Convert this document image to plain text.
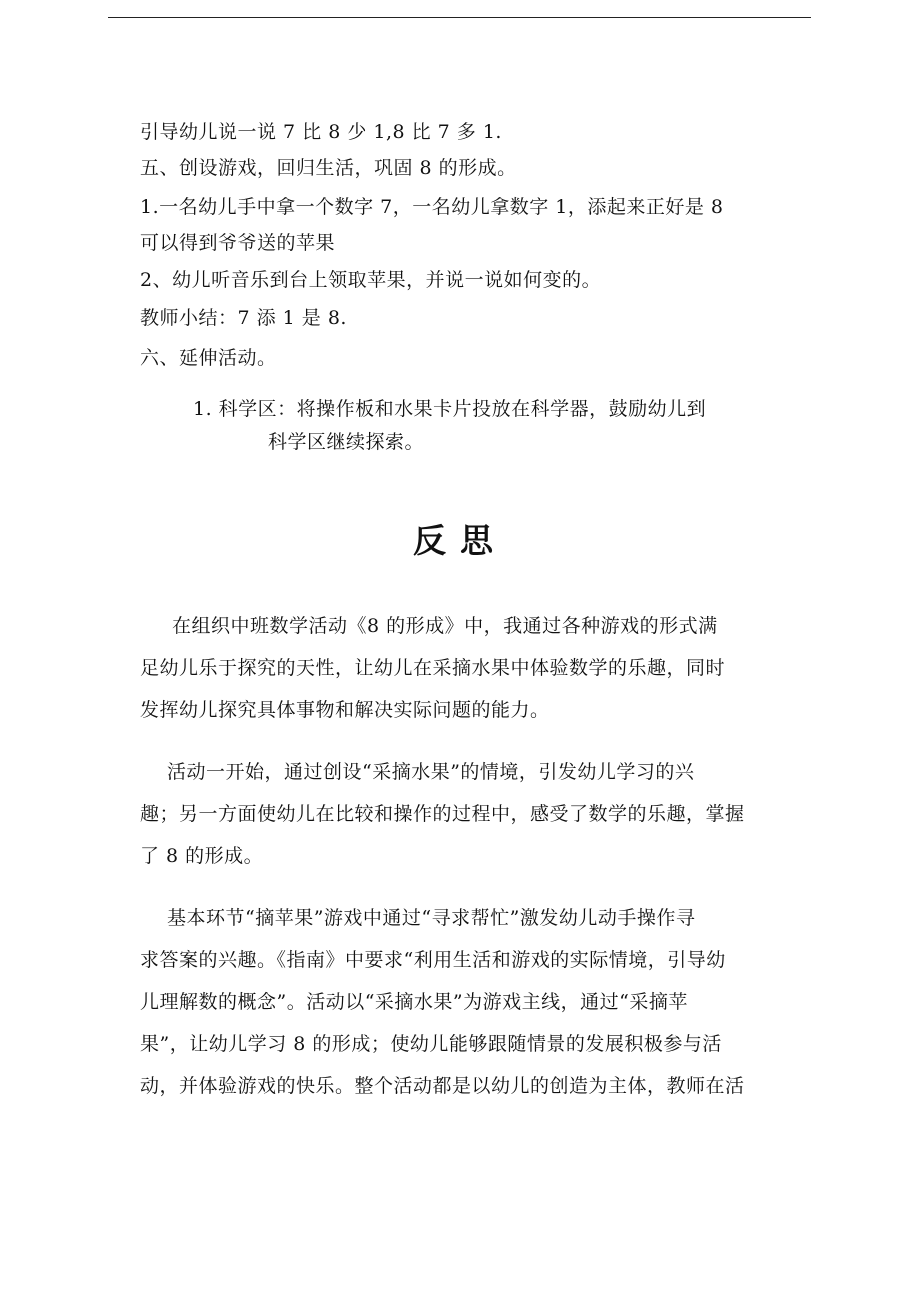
引导幼儿说一说 7 比 8 少 1,8 比 7 多 1.
五、创设游戏，回归生活，巩固 8 的形成。
1.一名幼儿手中拿一个数字 7，一名幼儿拿数字 1，添起来正好是 8
可以得到爷爷送的苹果
2、幼儿听音乐到台上领取苹果，并说一说如何变的。
教师小结：7 添 1 是 8.
六、延伸活动。
1. 科学区：将操作板和水果卡片投放在科学器，鼓励幼儿到
科学区继续探索。
反思
在组织中班数学活动《8 的形成》中，我通过各种游戏的形式满
足幼儿乐于探究的天性，让幼儿在采摘水果中体验数学的乐趣，同时
发挥幼儿探究具体事物和解决实际问题的能力。
活动一开始，通过创设“采摘水果”的情境，引发幼儿学习的兴
趣；另一方面使幼儿在比较和操作的过程中，感受了数学的乐趣，掌握
了 8 的形成。
基本环节“摘苹果”游戏中通过“寻求帮忙”激发幼儿动手操作寻
求答案的兴趣。《指南》中要求“利用生活和游戏的实际情境，引导幼
儿理解数的概念”。活动以“采摘水果”为游戏主线，通过“采摘苹
果”，让幼儿学习 8 的形成；使幼儿能够跟随情景的发展积极参与活
动，并体验游戏的快乐。整个活动都是以幼儿的创造为主体，教师在活
